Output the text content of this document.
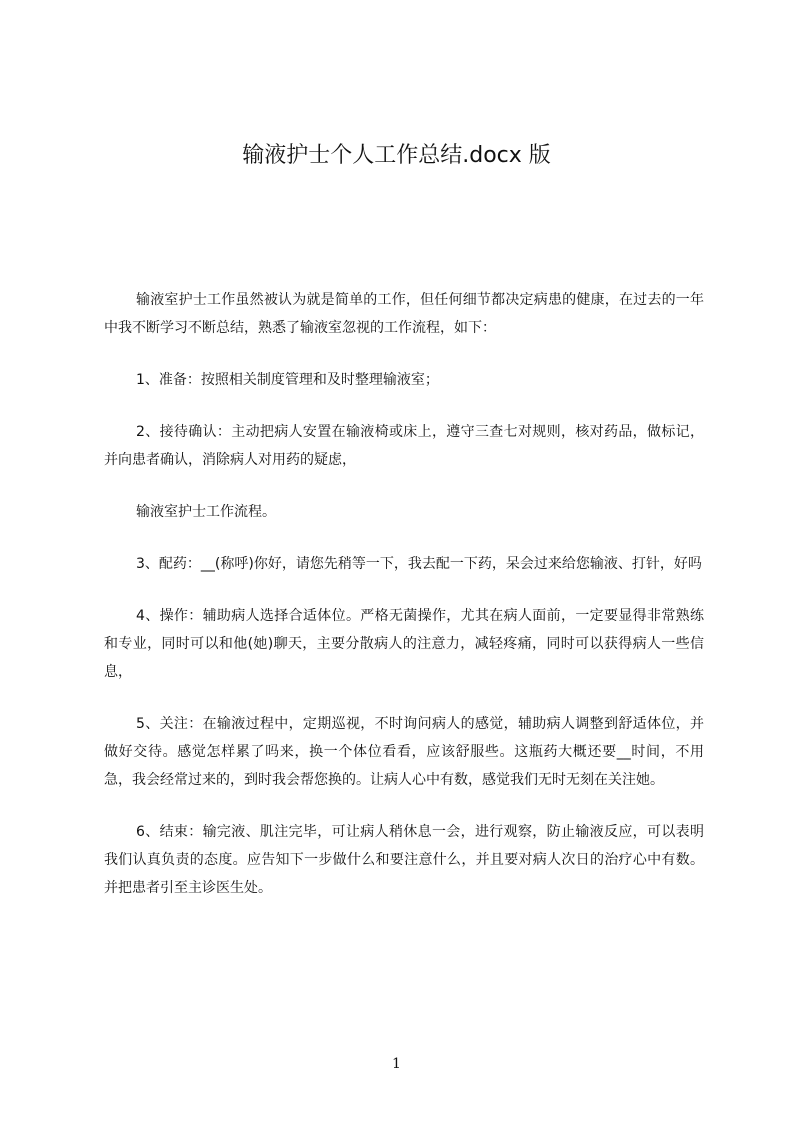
输液护士个人工作总结.docx 版

输液室护士工作虽然被认为就是简单的工作，但任何细节都决定病患的健康，在过去的一年中我不断学习不断总结，熟悉了输液室忽视的工作流程，如下：

1、准备：按照相关制度管理和及时整理输液室；

2、接待确认：主动把病人安置在输液椅或床上，遵守三查七对规则，核对药品，做标记，并向患者确认，消除病人对用药的疑虑，

输液室护士工作流程。

3、配药：__(称呼)你好，请您先稍等一下，我去配一下药，呆会过来给您输液、打针，好吗

4、操作：辅助病人选择合适体位。严格无菌操作，尤其在病人面前，一定要显得非常熟练和专业，同时可以和他(她)聊天，主要分散病人的注意力，减轻疼痛，同时可以获得病人一些信息，

5、关注：在输液过程中，定期巡视，不时询问病人的感觉，辅助病人调整到舒适体位，并做好交待。感觉怎样累了吗来，换一个体位看看，应该舒服些。这瓶药大概还要__时间，不用急，我会经常过来的，到时我会帮您换的。让病人心中有数，感觉我们无时无刻在关注她。

6、结束：输完液、肌注完毕，可让病人稍休息一会，进行观察，防止输液反应，可以表明我们认真负责的态度。应告知下一步做什么和要注意什么，并且要对病人次日的治疗心中有数。并把患者引至主诊医生处。

1
